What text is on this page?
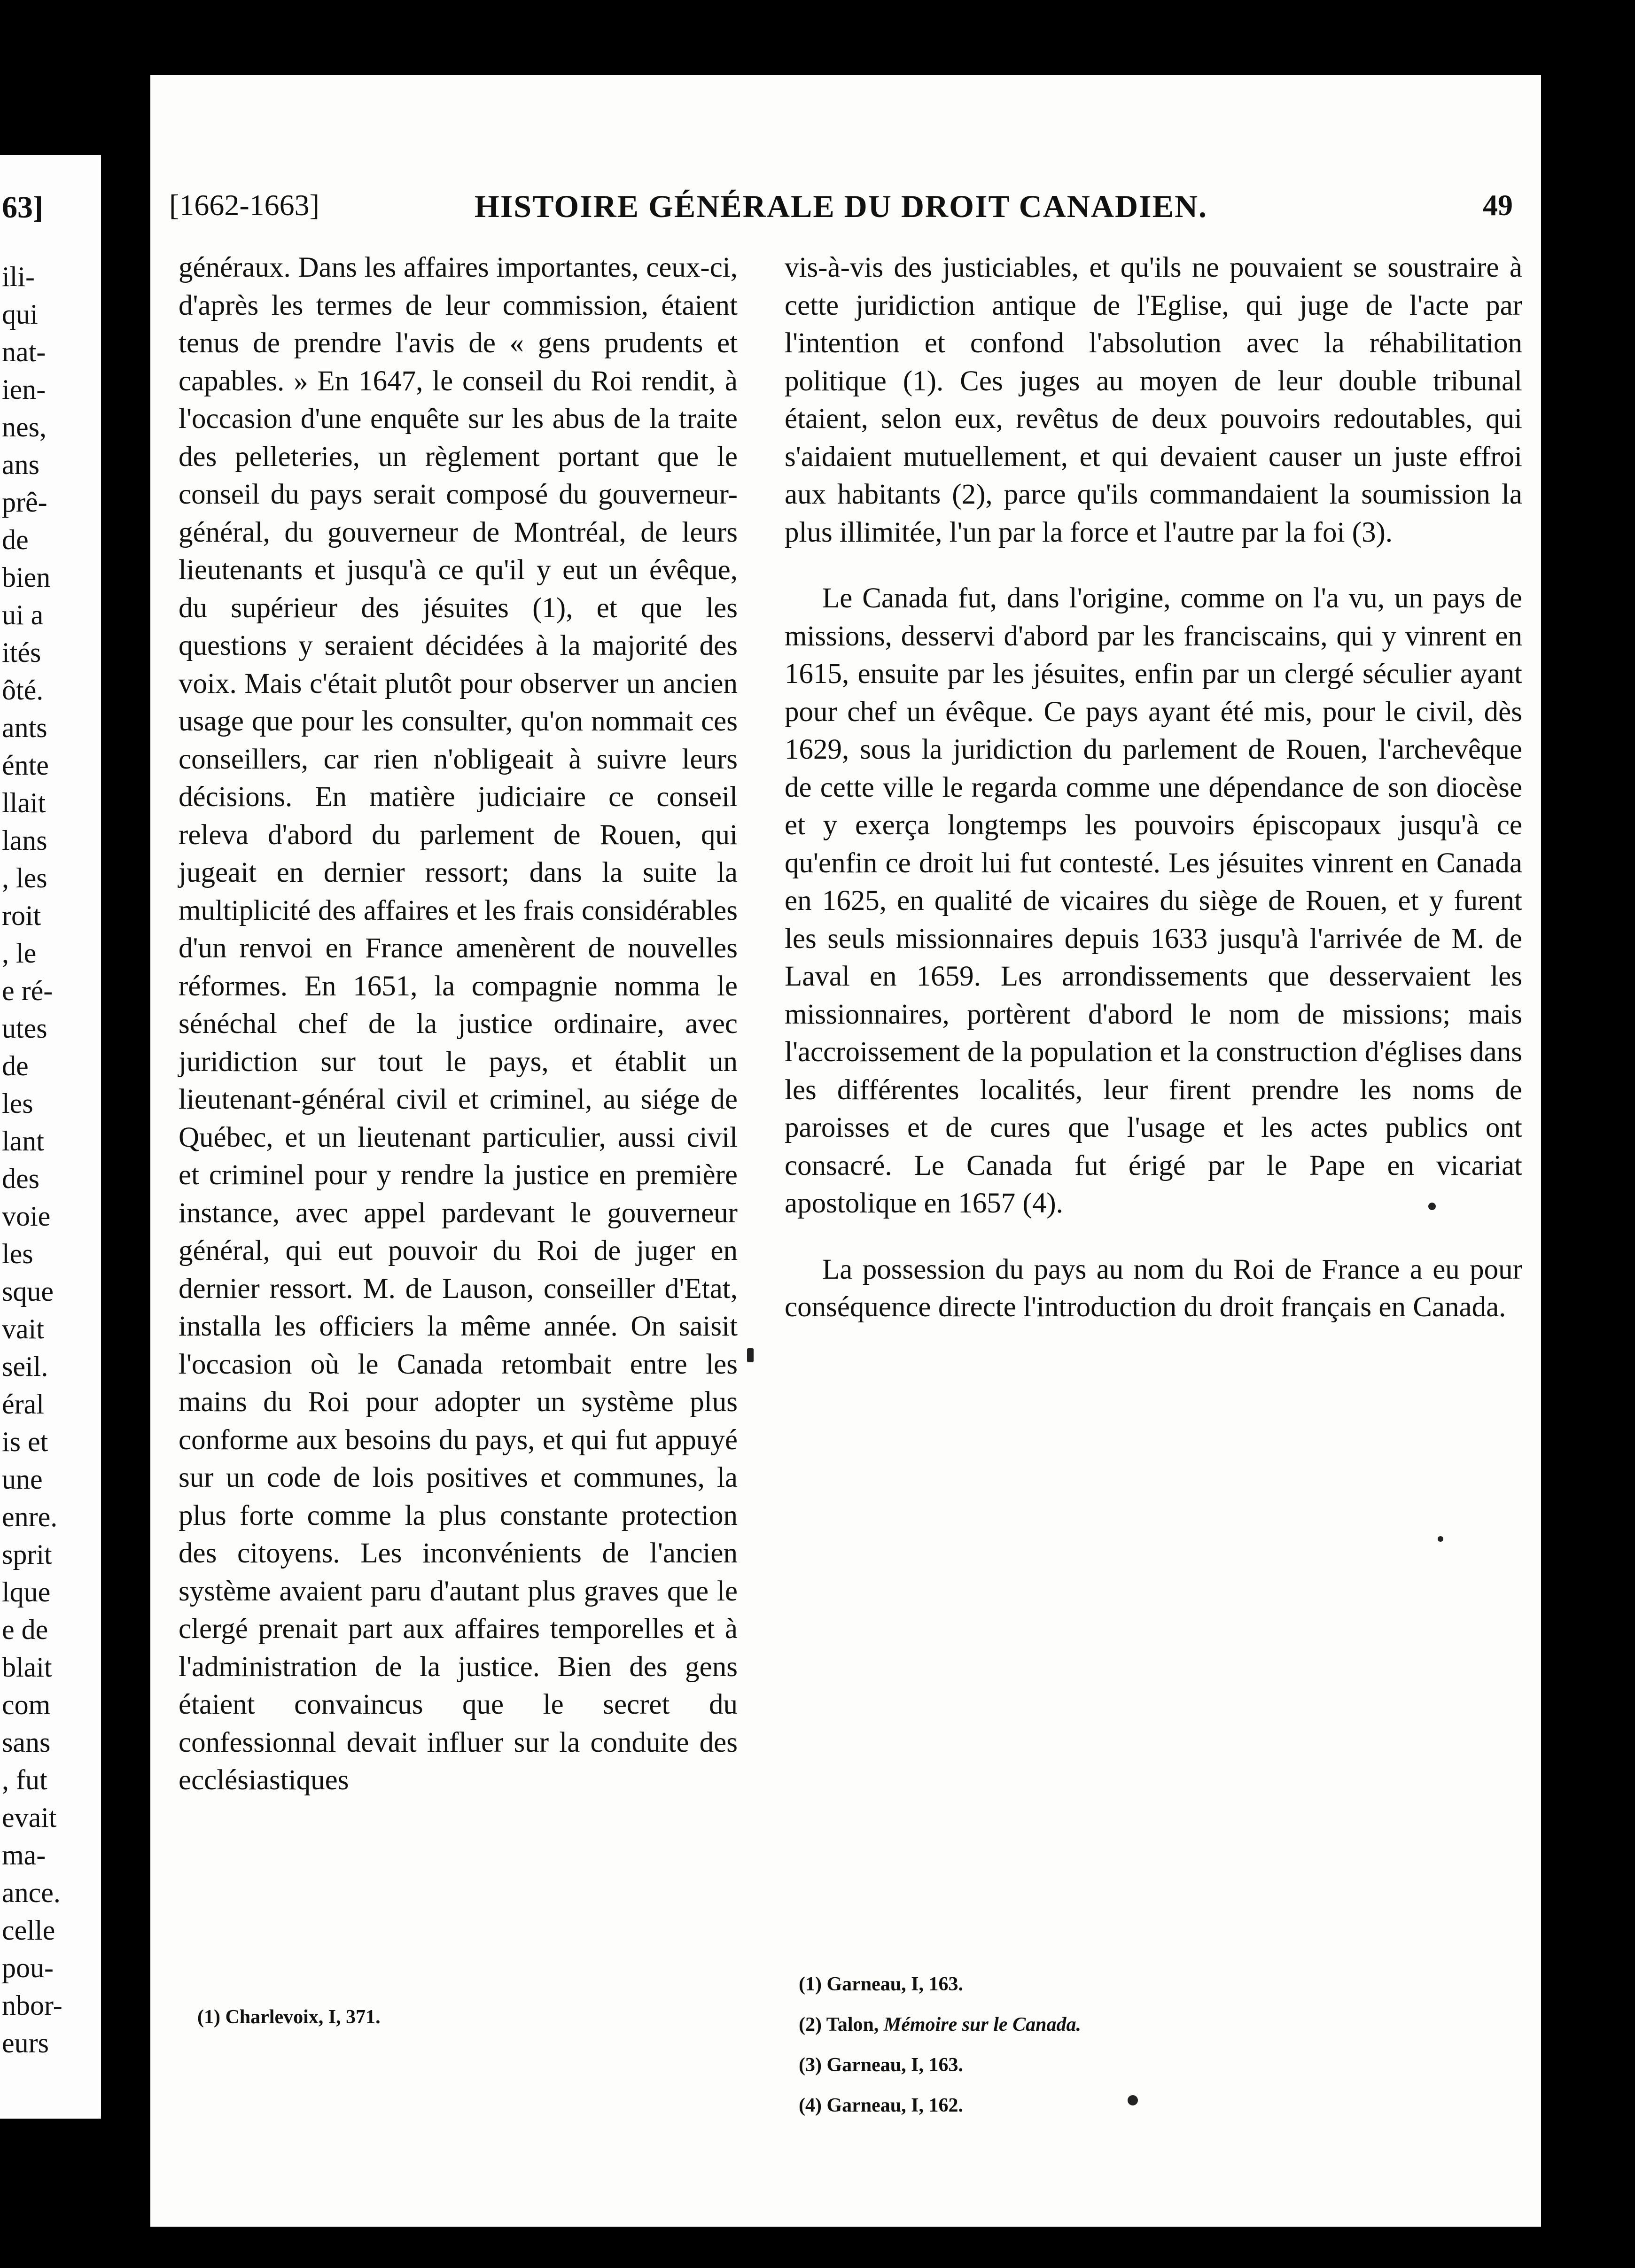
63]
ili-
qui
nat-
ien-
nes,
ans
prê-
de
bien
ui a
ités
ôté.
ants
énte
llait
lans
, les
roit
, le
e ré-
utes
de
les
lant
des
voie
les
sque
vait
seil.
éral
is et
une
enre.
sprit
lque
e de
blait
com
sans
, fut
evait
ma-
ance.
celle
pou-
nbor-
eurs
[1662-1663]	HISTOIRE GÉNÉRALE DU DROIT CANADIEN.	49

généraux. Dans les affaires importantes, ceux-ci, d'après les termes de leur commission, étaient tenus de prendre l'avis de « gens prudents et capables. » En 1647, le conseil du Roi rendit, à l'occasion d'une enquête sur les abus de la traite des pelleteries, un règlement portant que le conseil du pays serait composé du gouverneur-général, du gouverneur de Montréal, de leurs lieutenants et jusqu'à ce qu'il y eut un évêque, du supérieur des jésuites (1), et que les questions y seraient décidées à la majorité des voix. Mais c'était plutôt pour observer un ancien usage que pour les consulter, qu'on nommait ces conseillers, car rien n'obligeait à suivre leurs décisions. En matière judiciaire ce conseil releva d'abord du parlement de Rouen, qui jugeait en dernier ressort; dans la suite la multiplicité des affaires et les frais considérables d'un renvoi en France amenèrent de nouvelles réformes. En 1651, la compagnie nomma le sénéchal chef de la justice ordinaire, avec juridiction sur tout le pays, et établit un lieutenant-général civil et criminel, au siége de Québec, et un lieutenant particulier, aussi civil et criminel pour y rendre la justice en première instance, avec appel pardevant le gouverneur général, qui eut pouvoir du Roi de juger en dernier ressort. M. de Lauson, conseiller d'Etat, installa les officiers la même année. On saisit l'occasion où le Canada retombait entre les mains du Roi pour adopter un système plus conforme aux besoins du pays, et qui fut appuyé sur un code de lois positives et communes, la plus forte comme la plus constante protection des citoyens. Les inconvénients de l'ancien système avaient paru d'autant plus graves que le clergé prenait part aux affaires temporelles et à l'administration de la justice. Bien des gens étaient convaincus que le secret du confessionnal devait influer sur la conduite des ecclésiastiques

vis-à-vis des justiciables, et qu'ils ne pouvaient se soustraire à cette juridiction antique de l'Eglise, qui juge de l'acte par l'intention et confond l'absolution avec la réhabilitation politique (1). Ces juges au moyen de leur double tribunal étaient, selon eux, revêtus de deux pouvoirs redoutables, qui s'aidaient mutuellement, et qui devaient causer un juste effroi aux habitants (2), parce qu'ils commandaient la soumission la plus illimitée, l'un par la force et l'autre par la foi (3).

Le Canada fut, dans l'origine, comme on l'a vu, un pays de missions, desservi d'abord par les franciscains, qui y vinrent en 1615, ensuite par les jésuites, enfin par un clergé séculier ayant pour chef un évêque. Ce pays ayant été mis, pour le civil, dès 1629, sous la juridiction du parlement de Rouen, l'archevêque de cette ville le regarda comme une dépendance de son diocèse et y exerça longtemps les pouvoirs épiscopaux jusqu'à ce qu'enfin ce droit lui fut contesté. Les jésuites vinrent en Canada en 1625, en qualité de vicaires du siège de Rouen, et y furent les seuls missionnaires depuis 1633 jusqu'à l'arrivée de M. de Laval en 1659. Les arrondissements que desservaient les missionnaires, portèrent d'abord le nom de missions; mais l'accroissement de la population et la construction d'églises dans les différentes localités, leur firent prendre les noms de paroisses et de cures que l'usage et les actes publics ont consacré. Le Canada fut érigé par le Pape en vicariat apostolique en 1657 (4).

La possession du pays au nom du Roi de France a eu pour conséquence directe l'introduction du droit français en Canada.

(1) Charlevoix, I, 371.
(1) Garneau, I, 163.
(2) Talon, Mémoire sur le Canada.
(3) Garneau, I, 163.
(4) Garneau, I, 162.
